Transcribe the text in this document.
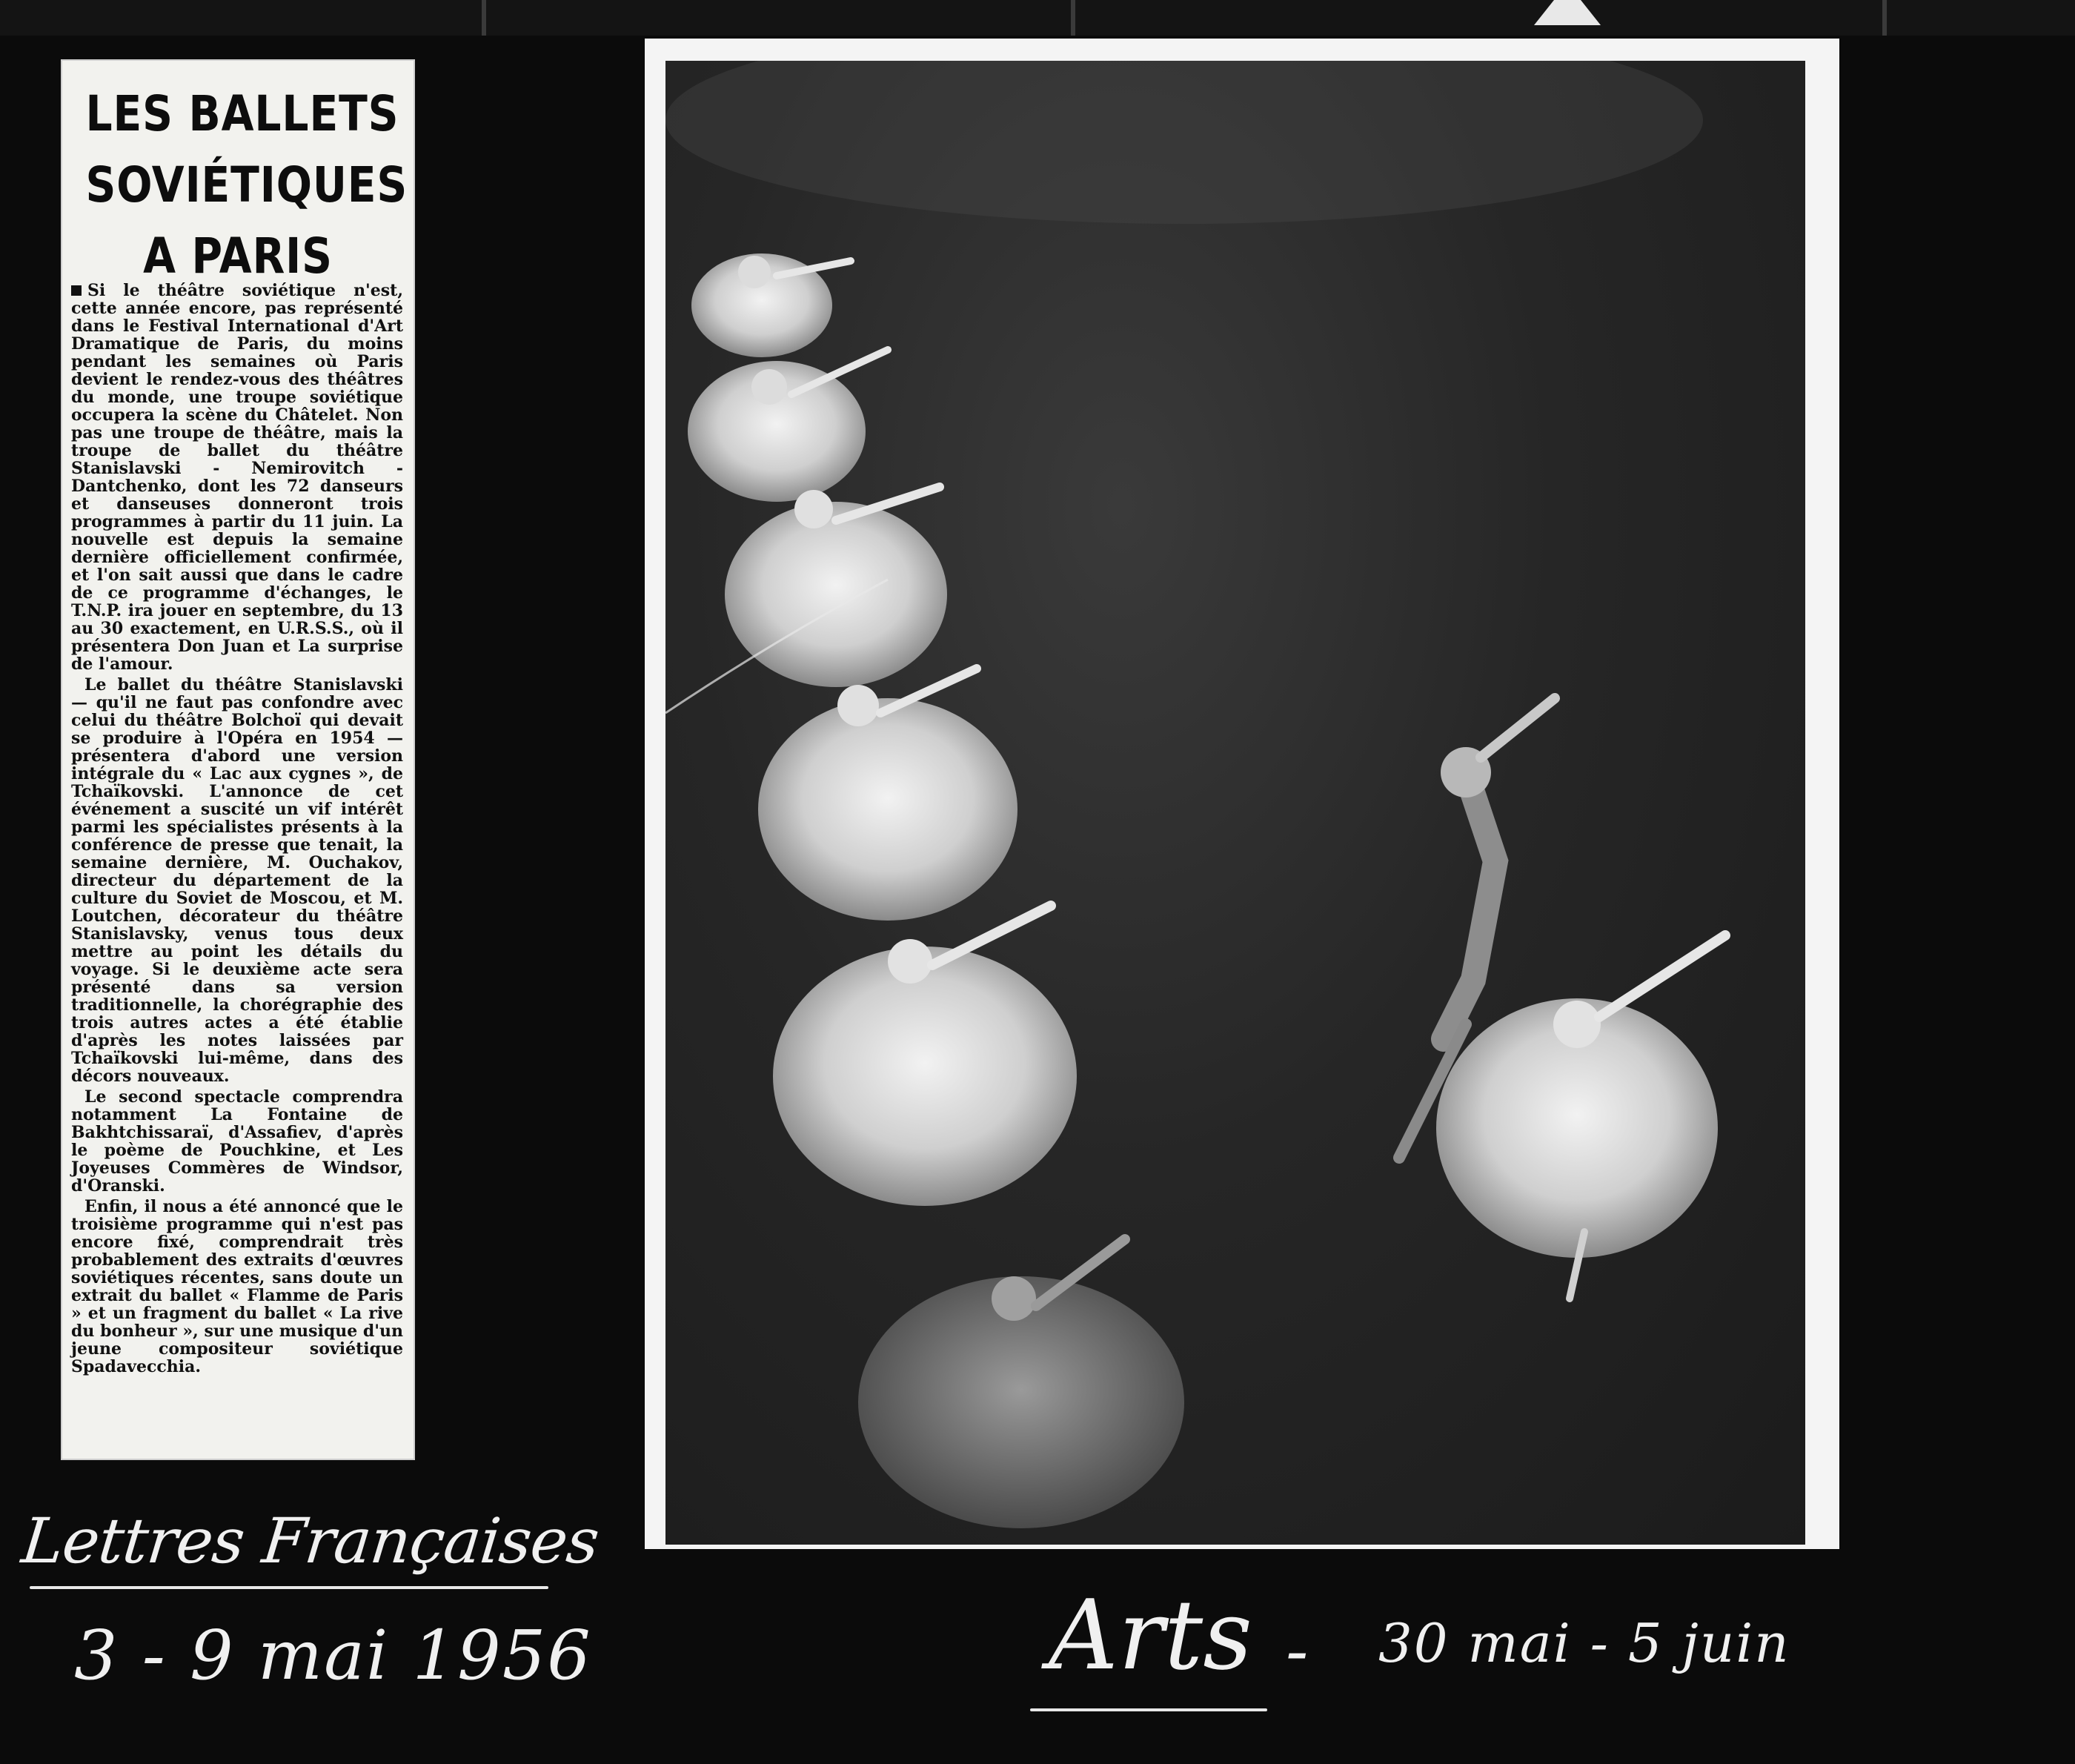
LES BALLETS
SOVIÉTIQUES
A PARIS

Si le théâtre soviétique n'est, cette année encore, pas représenté dans le Festival International d'Art Dramatique de Paris, du moins pendant les semaines où Paris devient le rendez-vous des théâtres du monde, une troupe soviétique occupera la scène du Châtelet. Non pas une troupe de théâtre, mais la troupe de ballet du théâtre Stanislavski - Nemirovitch - Dantchenko, dont les 72 danseurs et danseuses donneront trois programmes à partir du 11 juin. La nouvelle est depuis la semaine dernière officiellement confirmée, et l'on sait aussi que dans le cadre de ce programme d'échanges, le T.N.P. ira jouer en septembre, du 13 au 30 exactement, en U.R.S.S., où il présentera Don Juan et La surprise de l'amour.

Le ballet du théâtre Stanislavski — qu'il ne faut pas confondre avec celui du théâtre Bolchoï qui devait se produire à l'Opéra en 1954 — présentera d'abord une version intégrale du « Lac aux cygnes », de Tchaïkovski. L'annonce de cet événement a suscité un vif intérêt parmi les spécialistes présents à la conférence de presse que tenait, la semaine dernière, M. Ouchakov, directeur du département de la culture du Soviet de Moscou, et M. Loutchen, décorateur du théâtre Stanislavsky, venus tous deux mettre au point les détails du voyage. Si le deuxième acte sera présenté dans sa version traditionnelle, la chorégraphie des trois autres actes a été établie d'après les notes laissées par Tchaïkovski lui-même, dans des décors nouveaux.

Le second spectacle comprendra notamment La Fontaine de Bakhtchissaraï, d'Assafiev, d'après le poème de Pouchkine, et Les Joyeuses Commères de Windsor, d'Oranski.

Enfin, il nous a été annoncé que le troisième programme qui n'est pas encore fixé, comprendrait très probablement des extraits d'œuvres soviétiques récentes, sans doute un extrait du ballet « Flamme de Paris » et un fragment du ballet « La rive du bonheur », sur une musique d'un jeune compositeur soviétique Spadavecchia.

Lettres Françaises
3 - 9 mai 1956	Arts - 30 mai - 5 juin
